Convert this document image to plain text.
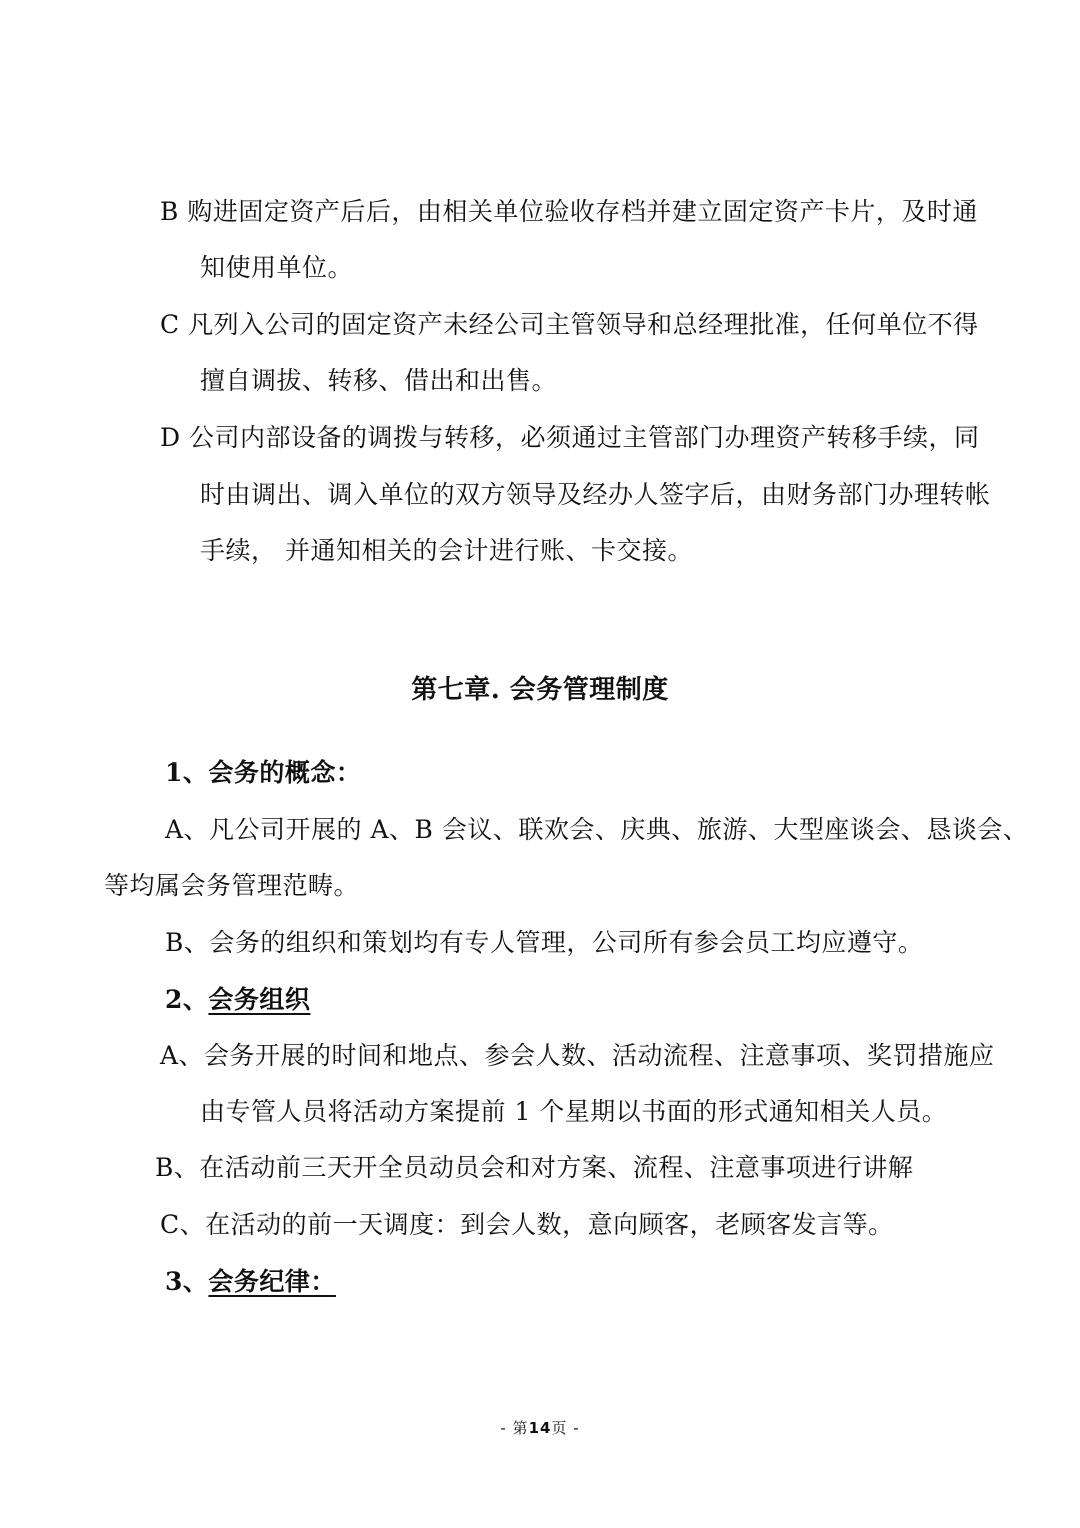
B 购进固定资产后后，由相关单位验收存档并建立固定资产卡片，及时通
知使用单位。
C 凡列入公司的固定资产未经公司主管领导和总经理批准，任何单位不得
擅自调拔、转移、借出和出售。
D 公司内部设备的调拨与转移，必须通过主管部门办理资产转移手续，同
时由调出、调入单位的双方领导及经办人签字后，由财务部门办理转帐
手续， 并通知相关的会计进行账、卡交接。
第七章. 会务管理制度
1、会务的概念：
A、凡公司开展的 A、B 会议、联欢会、庆典、旅游、大型座谈会、恳谈会、
等均属会务管理范畴。
B、会务的组织和策划均有专人管理，公司所有参会员工均应遵守。
2、会务组织
A、会务开展的时间和地点、参会人数、活动流程、注意事项、奖罚措施应
由专管人员将活动方案提前 1 个星期以书面的形式通知相关人员。
B、在活动前三天开全员动员会和对方案、流程、注意事项进行讲解
C、在活动的前一天调度：到会人数，意向顾客，老顾客发言等。
3、会务纪律：
- 第14页 -
